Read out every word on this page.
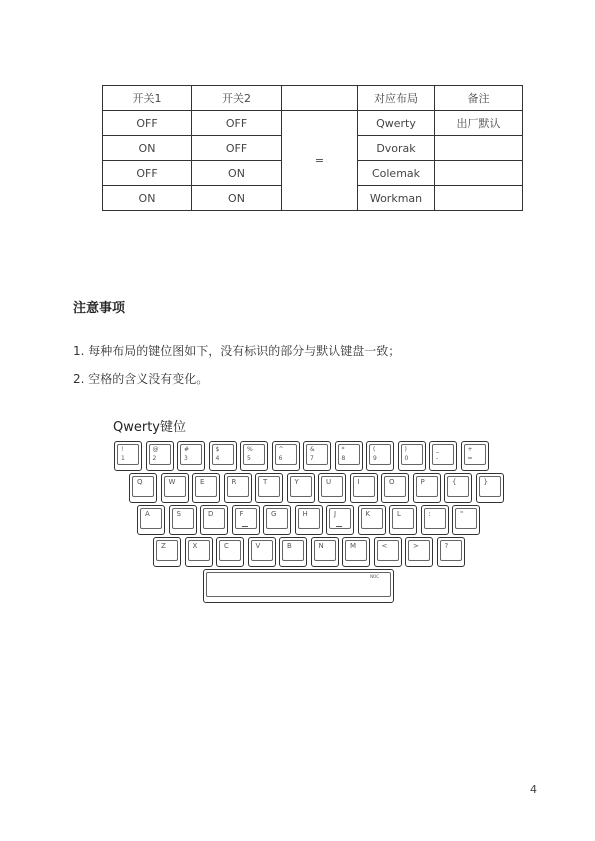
开关1	开关2		对应布局	备注
OFF	OFF	=	Qwerty	出厂默认
ON	OFF		Dvorak	
OFF	ON		Colemak	
ON	ON		Workman	
注意事项
1. 每种布局的键位图如下，没有标识的部分与默认键盘一致；
2. 空格的含义没有变化。
Qwerty键位
!
1
@
2
#
3
$
4
%
5
^
6
&
7
*
8
(
9
)
0
_
-
+
=
Q	W	E	R	T	Y	U	I	O	P	{	}
A	S	D	F	G	H	J	K	L	:	"
Z	X	C	V	B	N	M	<	>	?
NOC
4
